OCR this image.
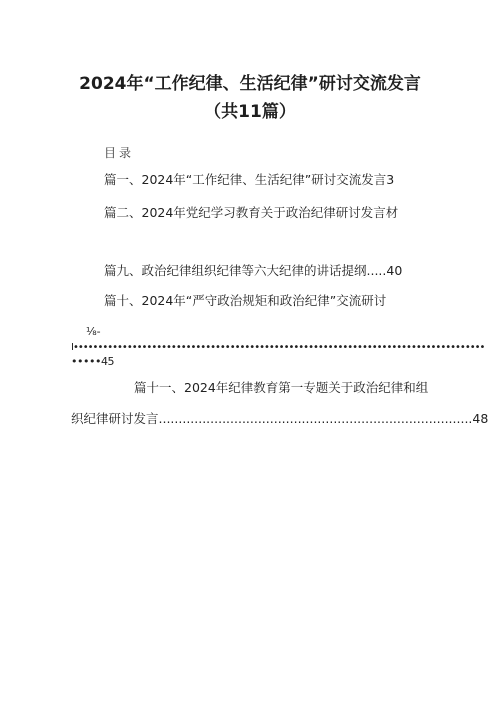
2024年“工作纪律、生活纪律”研讨交流发言
（共11篇）
目录
篇一、2024年“工作纪律、生活纪律”研讨交流发言3
篇二、2024年党纪学习教育关于政治纪律研讨发言材
篇九、政治纪律组织纪律等六大纪律的讲话提纲.....40
篇十、2024年“严守政治规矩和政治纪律”交流研讨
⅛-
I••••••••••••••••••••••••••••••••••••••••••••••••••••••••••••••••••••••••••••••••••••
•••••45
篇十一、2024年纪律教育第一专题关于政治纪律和组
织纪律研讨发言...............................................................................48
